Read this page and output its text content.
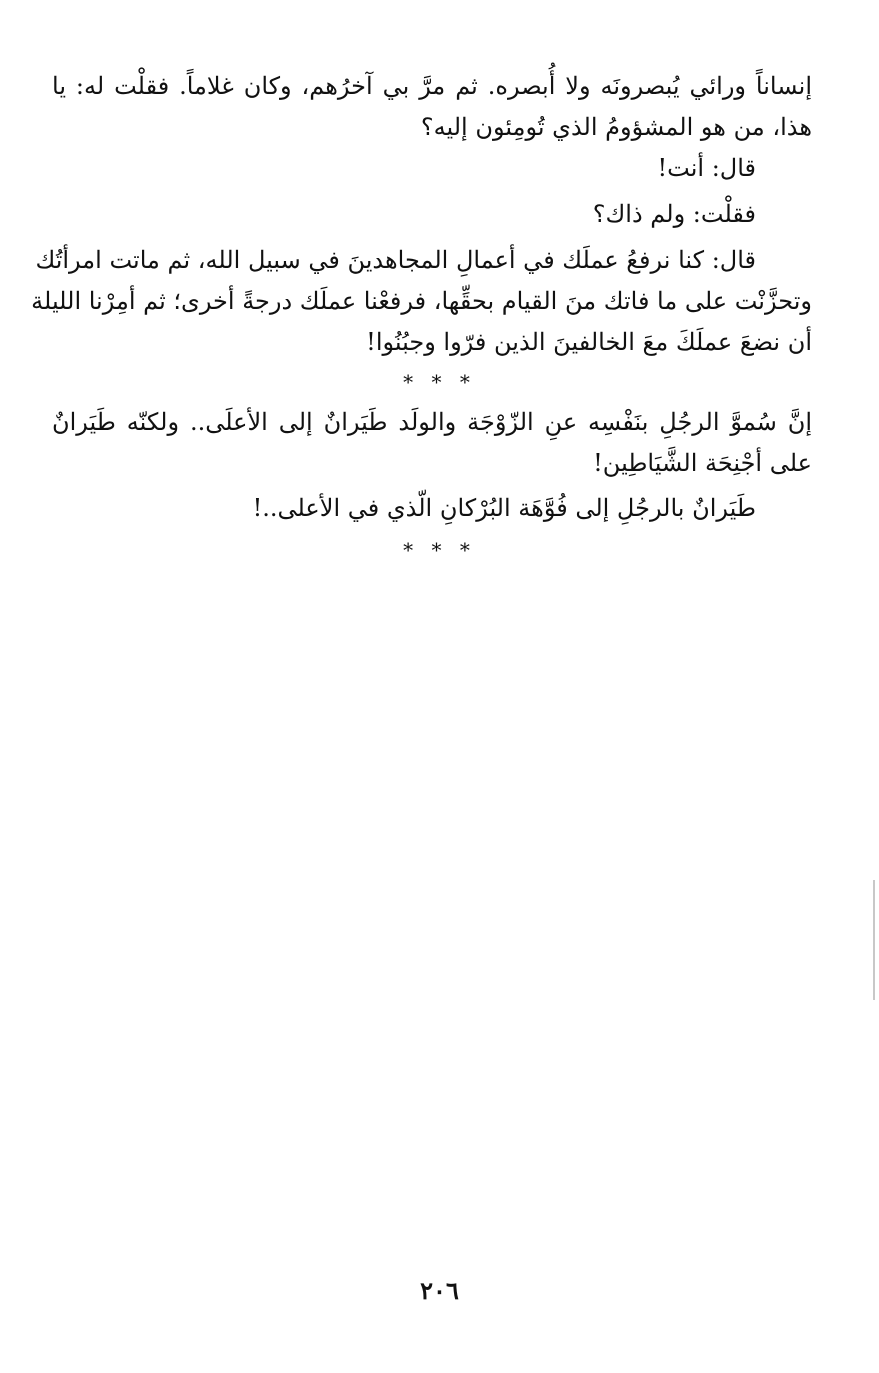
إنساناً ورائي يُبصرونَه ولا أُبصره. ثم مرَّ بي آخرُهم، وكان غلاماً. فقلْت له: يا
هذا، من هو المشؤومُ الذي تُومِئون إليه؟
قال: أنت!
فقلْت: ولم ذاك؟
قال: كنا نرفعُ عملَك في أعمالِ المجاهدينَ في سبيل الله، ثم ماتت امرأتُك
وتحزَّنْت على ما فاتك منَ القيام بحقِّها، فرفعْنا عملَك درجةً أخرى؛ ثم أمِرْنا الليلة
أن نضعَ عملَكَ معَ الخالفينَ الذين فرّوا وجبُنُوا!
* * *
إنَّ سُموَّ الرجُلِ بنَفْسِه عنِ الزّوْجَة والولَد طَيَرانٌ إلى الأعلَى.. ولكنّه طَيَرانٌ
على أجْنِحَة الشَّيَاطِين!
طَيَرانٌ بالرجُلِ إلى فُوَّهَة البُرْكانِ الّذي في الأعلى..!
* * *
٢٠٦
